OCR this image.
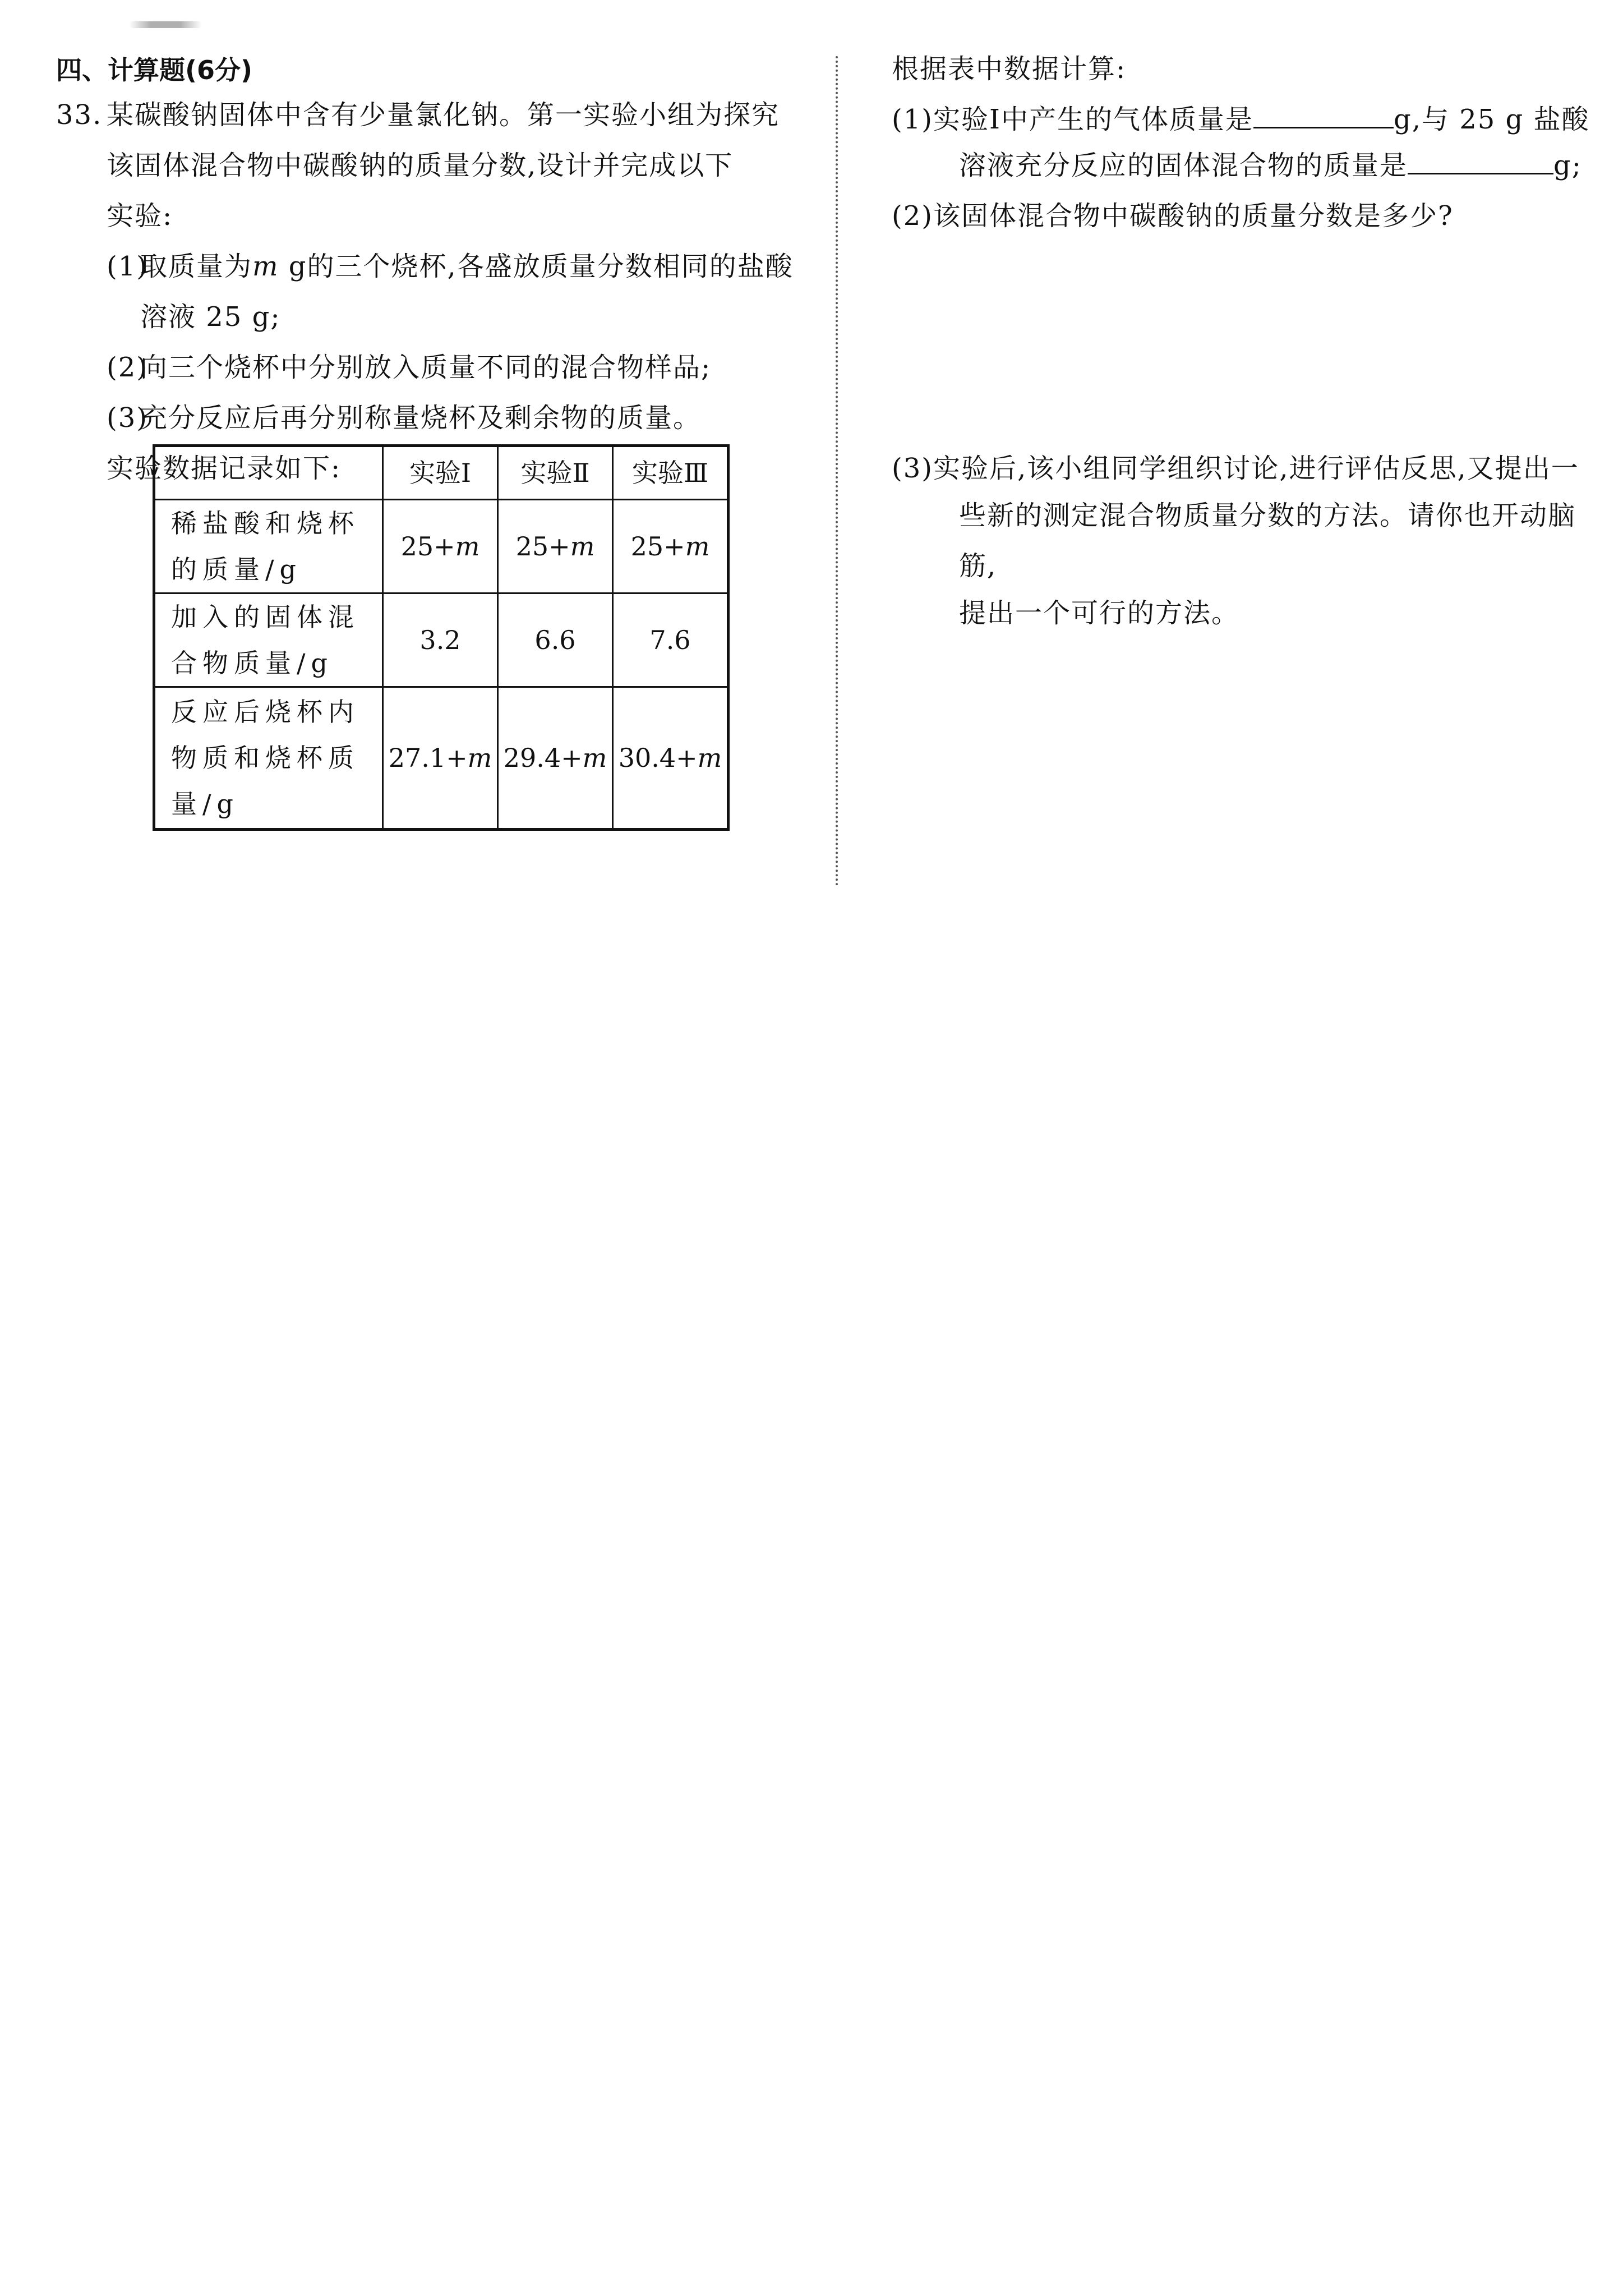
四、计算题(6分)
33. 某碳酸钠固体中含有少量氯化钠。第一实验小组为探究
该固体混合物中碳酸钠的质量分数,设计并完成以下
实验:
(1)
取质量为m g的三个烧杯,各盛放质量分数相同的盐酸
溶液 25 g;
(2)
向三个烧杯中分别放入质量不同的混合物样品;
(3)
充分反应后再分别称量烧杯及剩余物的质量。
实验数据记录如下:
		实验Ⅰ	实验Ⅱ	实验Ⅲ
稀盐酸和烧杯的质量/g	25+m	25+m	25+m
加入的固体混合物质量/g	3.2	6.6	7.6
反应后烧杯内物质和烧杯质量/g	27.1+m	29.4+m	30.4+m
根据表中数据计算:
(1)实验Ⅰ中产生的气体质量是	g,与 25 g 盐酸
溶液充分反应的固体混合物的质量是	g;
(2)该固体混合物中碳酸钠的质量分数是多少?
(3)实验后,该小组同学组织讨论,进行评估反思,又提出一
些新的测定混合物质量分数的方法。请你也开动脑筋,
提出一个可行的方法。
